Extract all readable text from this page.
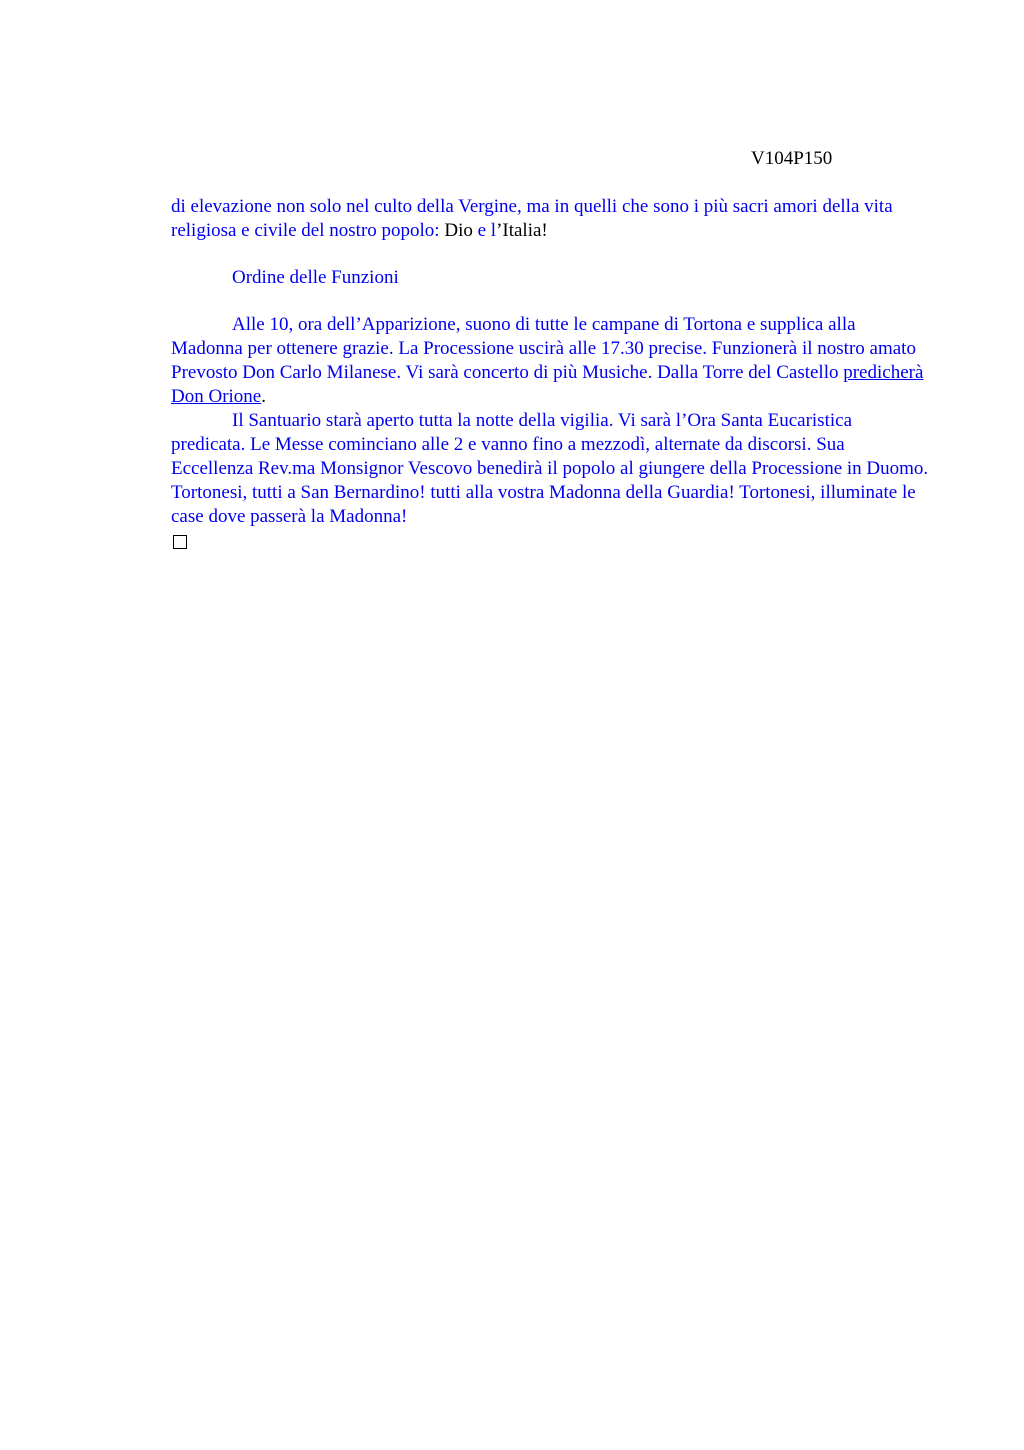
V104P150

di elevazione non solo nel culto della Vergine, ma in quelli che sono i più sacri amori della vita religiosa e civile del nostro popolo: Dio e l’Italia!

Ordine delle Funzioni

Alle 10, ora dell’Apparizione, suono di tutte le campane di Tortona e supplica alla Madonna per ottenere grazie. La Processione uscirà alle 17.30 precise. Funzionerà il nostro amato Prevosto Don Carlo Milanese. Vi sarà concerto di più Musiche. Dalla Torre del Castello predicherà Don Orione.

Il Santuario starà aperto tutta la notte della vigilia. Vi sarà l’Ora Santa Eucaristica predicata. Le Messe cominciano alle 2 e vanno fino a mezzodì, alternate da discorsi. Sua Eccellenza Rev.ma Monsignor Vescovo benedirà il popolo al giungere della Processione in Duomo. Tortonesi, tutti a San Bernardino! tutti alla vostra Madonna della Guardia! Tortonesi, illuminate le case dove passerà la Madonna!
